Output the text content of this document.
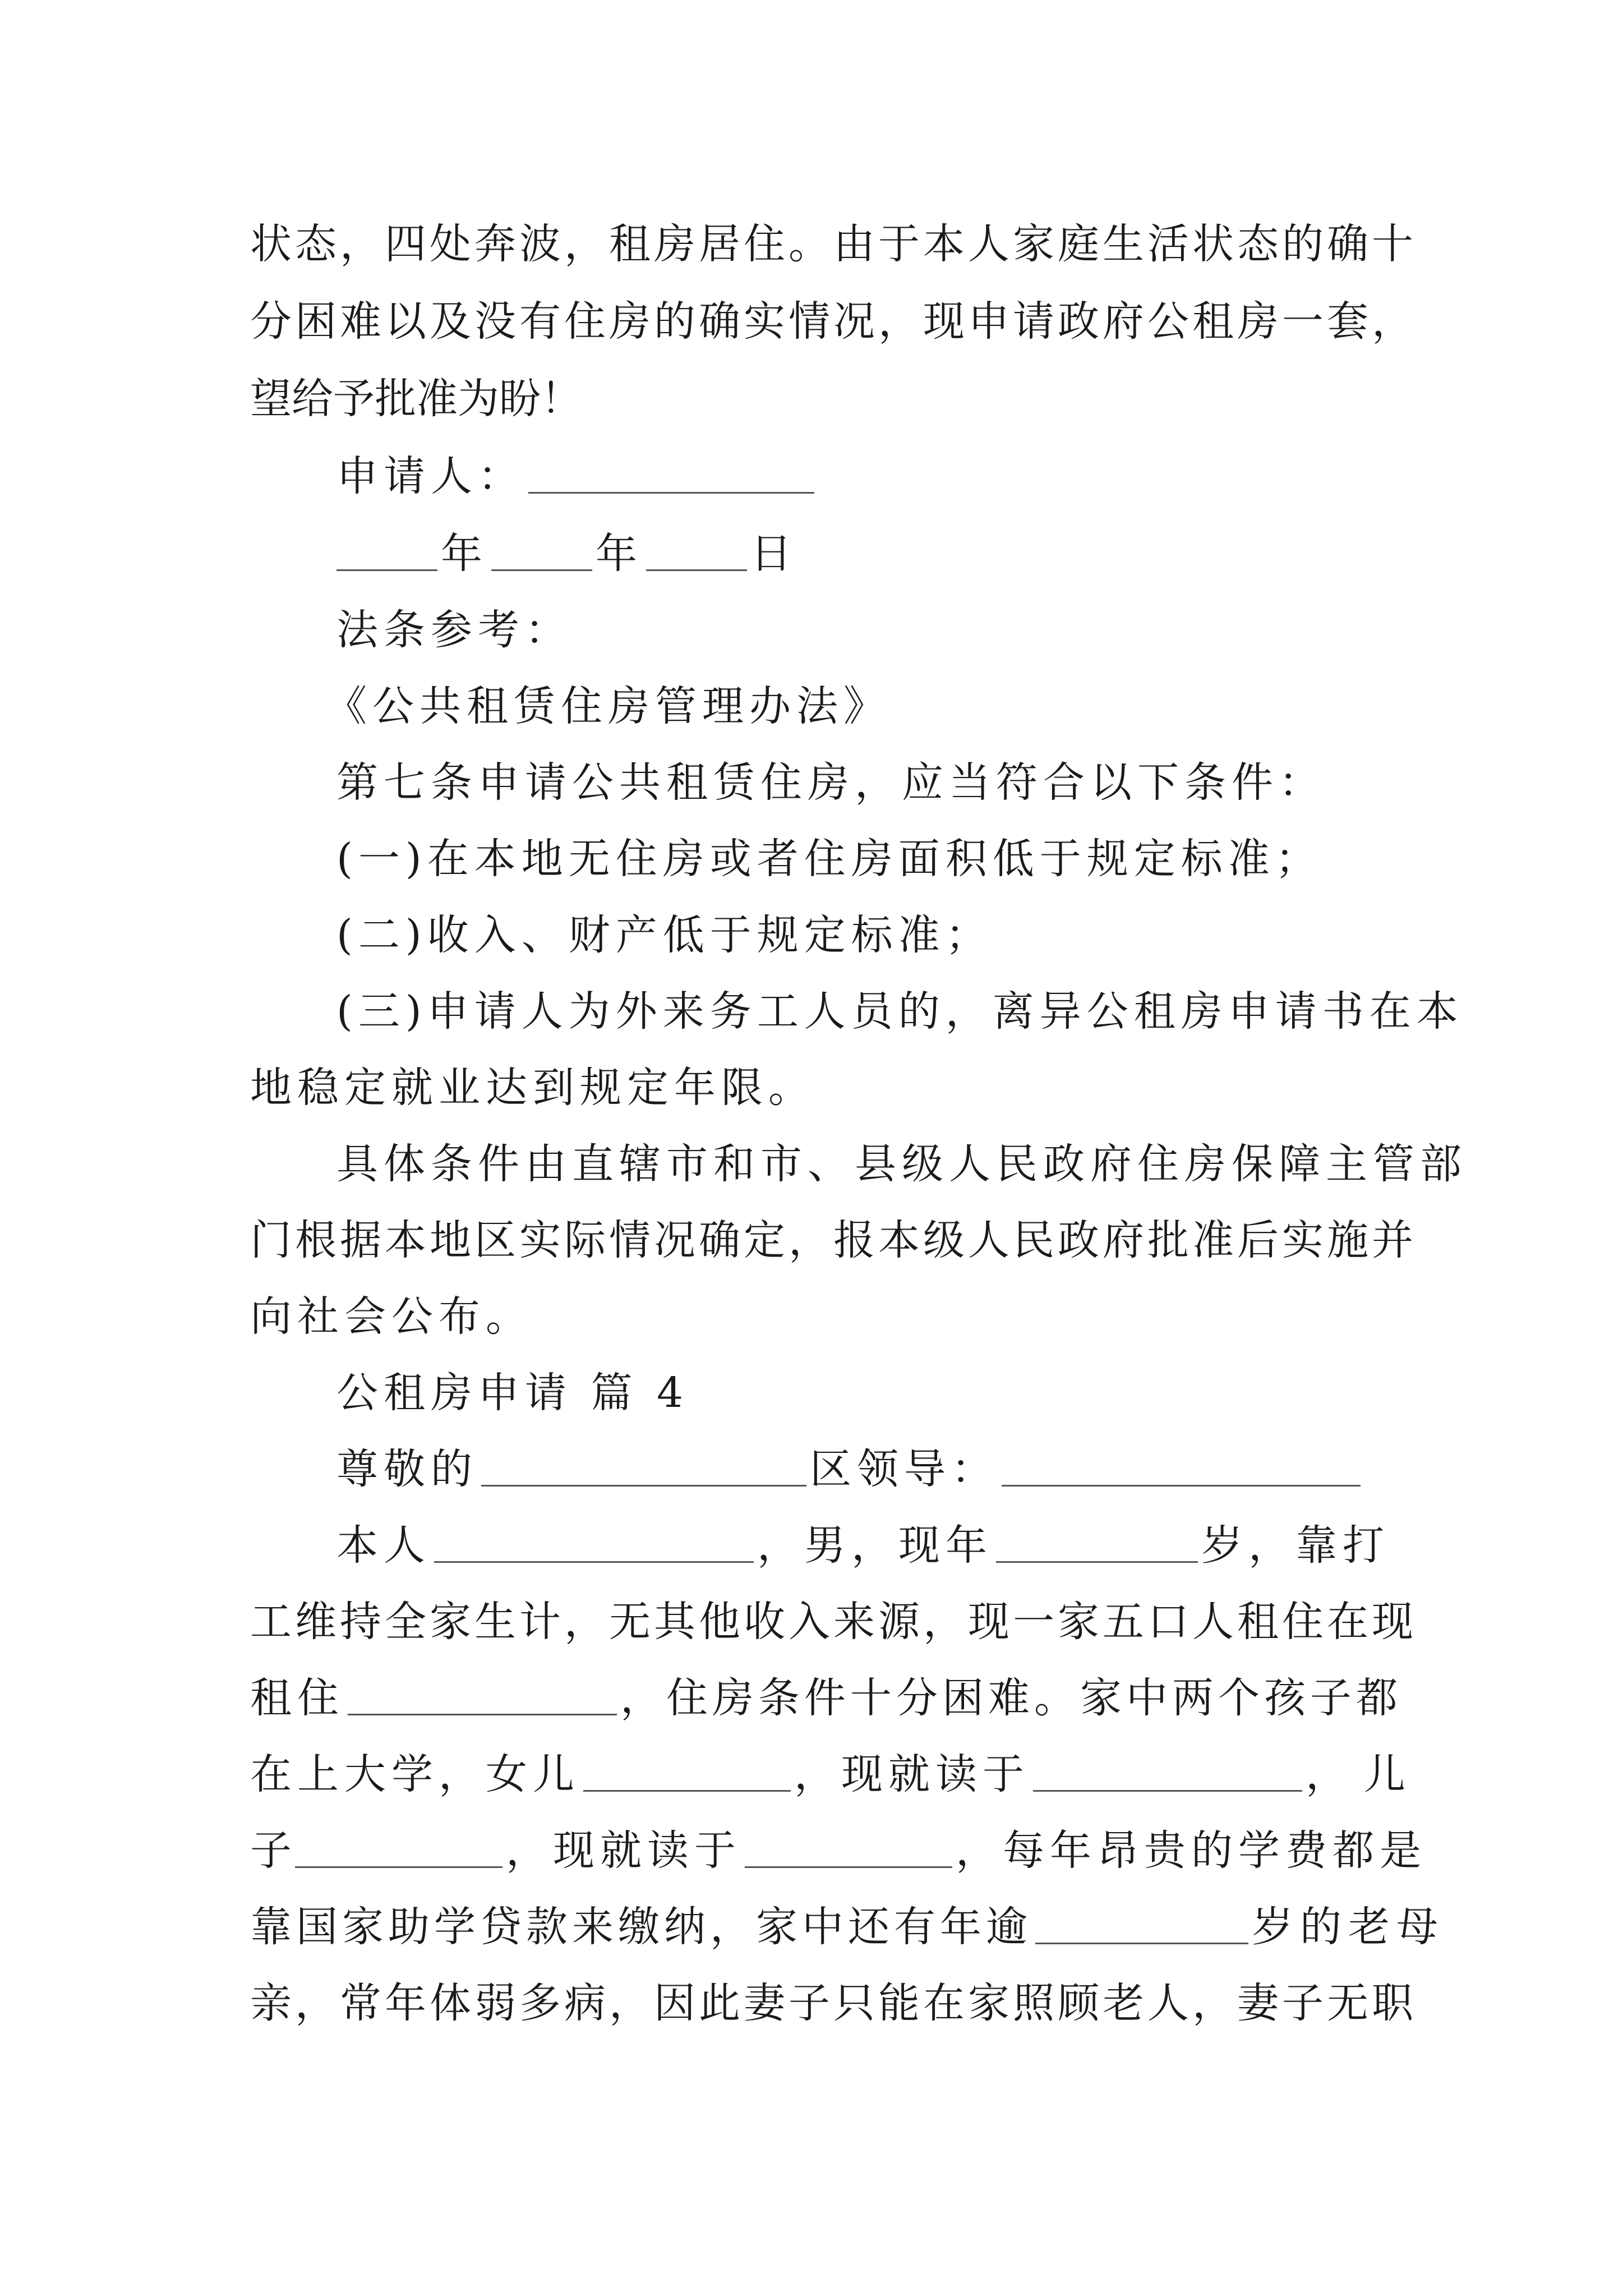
状态，四处奔波，租房居住。由于本人家庭生活状态的确十
分困难以及没有住房的确实情况，现申请政府公租房一套，
望给予批准为盼！
申请人：
年	年	日
法条参考：
《公共租赁住房管理办法》
第七条申请公共租赁住房，应当符合以下条件：
(一)在本地无住房或者住房面积低于规定标准；
(二)收入、财产低于规定标准；
(三)申请人为外来务工人员的，离异公租房申请书在本
地稳定就业达到规定年限。
具体条件由直辖市和市、县级人民政府住房保障主管部
门根据本地区实际情况确定，报本级人民政府批准后实施并
向社会公布。
公租房申请 篇 4
尊敬的	区领导：
本人	，男，现年	岁，靠打
工维持全家生计，无其他收入来源，现一家五口人租住在现
租住	，住房条件十分困难。家中两个孩子都
在上大学，女儿	，现就读于	，儿
子	，现就读于	，每年昂贵的学费都是
靠国家助学贷款来缴纳，家中还有年逾	岁的老母
亲，常年体弱多病，因此妻子只能在家照顾老人，妻子无职
